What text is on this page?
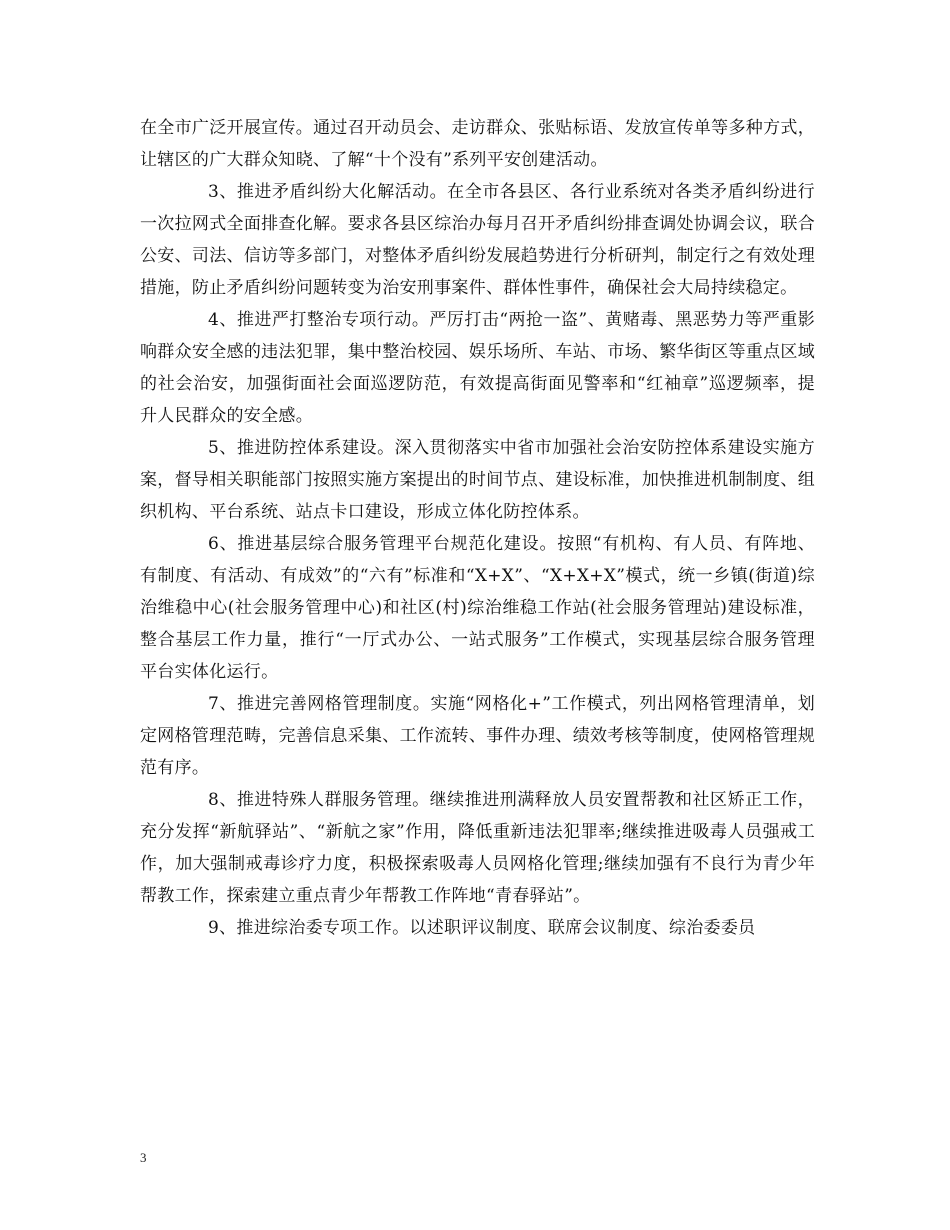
在全市广泛开展宣传。通过召开动员会、走访群众、张贴标语、发放宣传单等多种方式，让辖区的广大群众知晓、了解“十个没有”系列平安创建活动。

3、推进矛盾纠纷大化解活动。在全市各县区、各行业系统对各类矛盾纠纷进行一次拉网式全面排查化解。要求各县区综治办每月召开矛盾纠纷排查调处协调会议，联合公安、司法、信访等多部门，对整体矛盾纠纷发展趋势进行分析研判，制定行之有效处理措施，防止矛盾纠纷问题转变为治安刑事案件、群体性事件，确保社会大局持续稳定。

4、推进严打整治专项行动。严厉打击“两抢一盗”、黄赌毒、黑恶势力等严重影响群众安全感的违法犯罪，集中整治校园、娱乐场所、车站、市场、繁华街区等重点区域的社会治安，加强街面社会面巡逻防范，有效提高街面见警率和“红袖章”巡逻频率，提升人民群众的安全感。

5、推进防控体系建设。深入贯彻落实中省市加强社会治安防控体系建设实施方案，督导相关职能部门按照实施方案提出的时间节点、建设标准，加快推进机制制度、组织机构、平台系统、站点卡口建设，形成立体化防控体系。

6、推进基层综合服务管理平台规范化建设。按照“有机构、有人员、有阵地、有制度、有活动、有成效”的“六有”标准和“X+X”、“X+X+X”模式，统一乡镇(街道)综治维稳中心(社会服务管理中心)和社区(村)综治维稳工作站(社会服务管理站)建设标准，整合基层工作力量，推行“一厅式办公、一站式服务”工作模式，实现基层综合服务管理平台实体化运行。

7、推进完善网格管理制度。实施“网格化+”工作模式，列出网格管理清单，划定网格管理范畴，完善信息采集、工作流转、事件办理、绩效考核等制度，使网格管理规范有序。

8、推进特殊人群服务管理。继续推进刑满释放人员安置帮教和社区矫正工作，充分发挥“新航驿站”、“新航之家”作用，降低重新违法犯罪率;继续推进吸毒人员强戒工作，加大强制戒毒诊疗力度，积极探索吸毒人员网格化管理;继续加强有不良行为青少年帮教工作，探索建立重点青少年帮教工作阵地“青春驿站”。

9、推进综治委专项工作。以述职评议制度、联席会议制度、综治委委员

3
